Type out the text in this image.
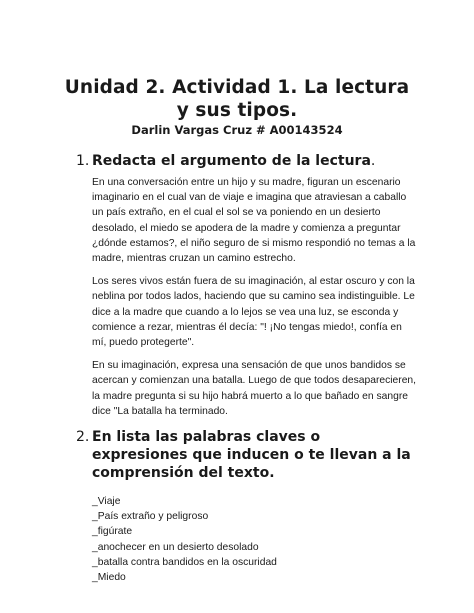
Unidad 2. Actividad 1. La lectura y sus tipos.
Darlin Vargas Cruz # A00143524
1. Redacta el argumento de la lectura.
En una conversación entre un hijo y su madre, figuran un escenario imaginario en el cual van de viaje e imagina que atraviesan a caballo un país extraño, en el cual el sol se va poniendo en un desierto desolado, el miedo se apodera de la madre y comienza a preguntar ¿dónde estamos?, el niño seguro de si mismo respondió no temas a la madre, mientras cruzan un camino estrecho.
Los seres vivos están fuera de su imaginación, al estar oscuro y con la neblina por todos lados, haciendo que su camino sea indistinguible. Le dice a la madre que cuando a lo lejos se vea una luz, se esconda y comience a rezar, mientras él decía: "! ¡No tengas miedo!, confía en mí, puedo protegerte".
En su imaginación, expresa una sensación de que unos bandidos se acercan y comienzan una batalla. Luego de que todos desaparecieren, la madre pregunta si su hijo habrá muerto a lo que bañado en sangre dice "La batalla ha terminado.
2. En lista las palabras claves o expresiones que inducen o te llevan a la comprensión del texto.
_Viaje
_País extraño y peligroso
_figúrate
_anochecer en un desierto desolado
_batalla contra bandidos en la oscuridad
_Miedo
